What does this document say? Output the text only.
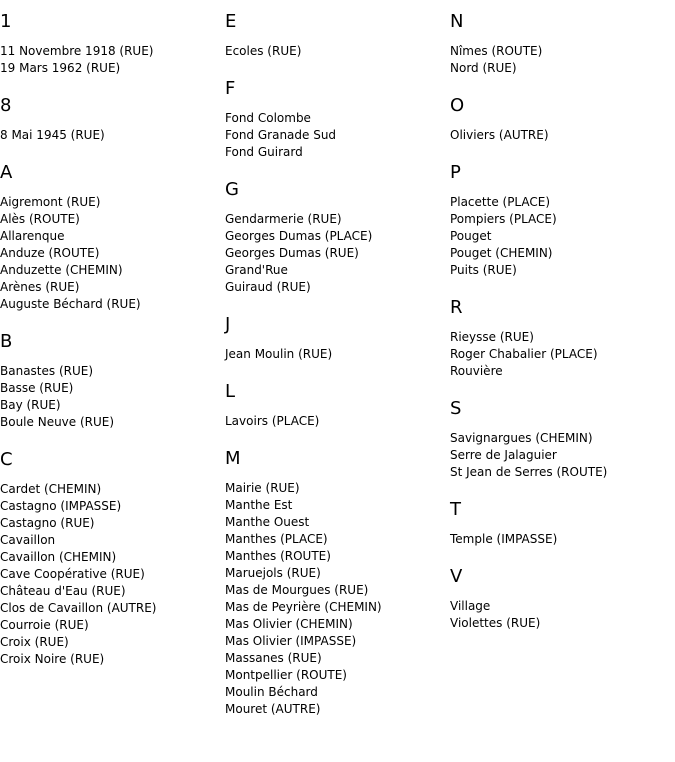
1
11 Novembre 1918 (RUE)
19 Mars 1962 (RUE)
8
8 Mai 1945 (RUE)
A
Aigremont (RUE)
Alès (ROUTE)
Allarenque
Anduze (ROUTE)
Anduzette (CHEMIN)
Arènes (RUE)
Auguste Béchard (RUE)
B
Banastes (RUE)
Basse (RUE)
Bay (RUE)
Boule Neuve (RUE)
C
Cardet (CHEMIN)
Castagno (IMPASSE)
Castagno (RUE)
Cavaillon
Cavaillon (CHEMIN)
Cave Coopérative (RUE)
Château d'Eau (RUE)
Clos de Cavaillon (AUTRE)
Courroie (RUE)
Croix (RUE)
Croix Noire (RUE)
E
Ecoles (RUE)
F
Fond Colombe
Fond Granade Sud
Fond Guirard
G
Gendarmerie (RUE)
Georges Dumas (PLACE)
Georges Dumas (RUE)
Grand'Rue
Guiraud (RUE)
J
Jean Moulin (RUE)
L
Lavoirs (PLACE)
M
Mairie (RUE)
Manthe Est
Manthe Ouest
Manthes (PLACE)
Manthes (ROUTE)
Maruejols (RUE)
Mas de Mourgues (RUE)
Mas de Peyrière (CHEMIN)
Mas Olivier (CHEMIN)
Mas Olivier (IMPASSE)
Massanes (RUE)
Montpellier (ROUTE)
Moulin Béchard
Mouret (AUTRE)
N
Nîmes (ROUTE)
Nord (RUE)
O
Oliviers (AUTRE)
P
Placette (PLACE)
Pompiers (PLACE)
Pouget
Pouget (CHEMIN)
Puits (RUE)
R
Rieysse (RUE)
Roger Chabalier (PLACE)
Rouvière
S
Savignargues (CHEMIN)
Serre de Jalaguier
St Jean de Serres (ROUTE)
T
Temple (IMPASSE)
V
Village
Violettes (RUE)
